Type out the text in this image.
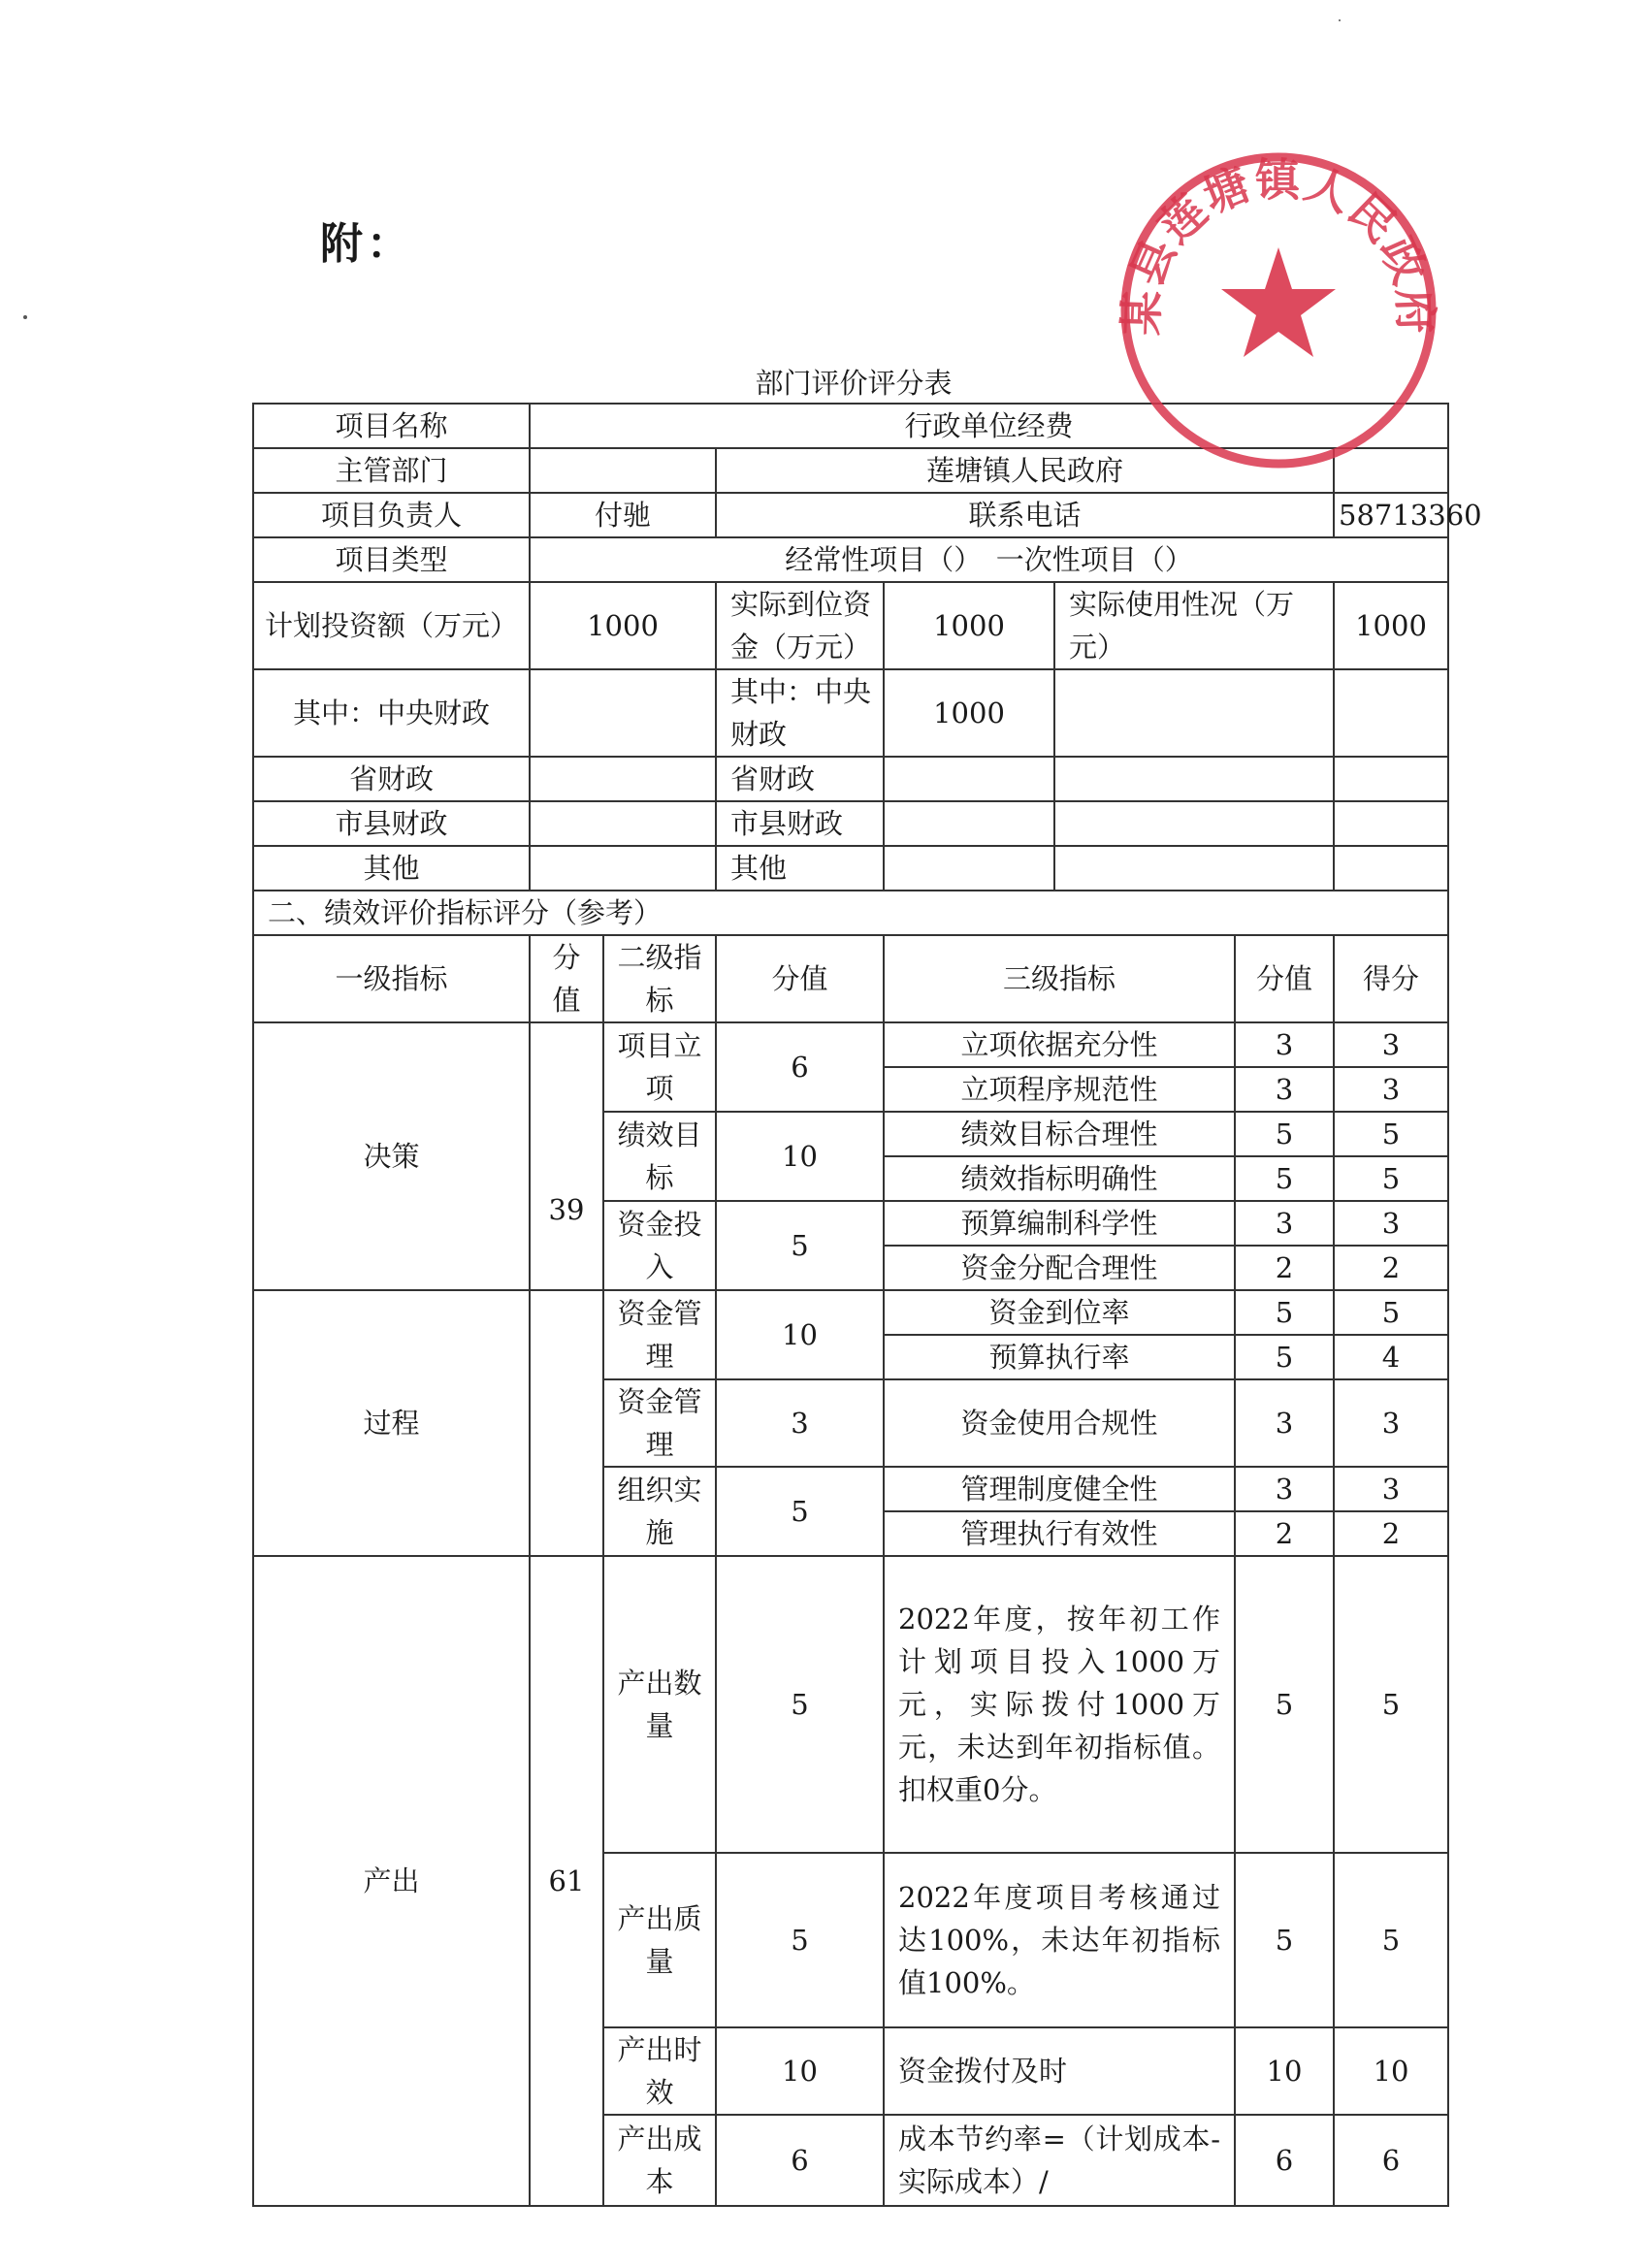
附：
部门评价评分表
项目名称	行政单位经费						
主管部门			莲塘镇人民政府				
项目负责人	付驰		联系电话				58713360
项目类型	经常性项目（）　一次性项目（）						
计划投资额（万元）	1000		实际到位资金（万元）	1000	实际使用性况（万元）		1000
其中：中央财政			其中：中央财政	1000			
省财政			省财政				
市县财政			市县财政				
其他			其他				
二、绩效评价指标评分（参考）							
一级指标	分值	二级指标	分值	三级指标		分值	得分
决策	39	项目立项	6	立项依据充分性		3	3
				立项程序规范性		3	3
		绩效目标	10	绩效目标合理性		5	5
				绩效指标明确性		5	5
		资金投入	5	预算编制科学性		3	3
				资金分配合理性		2	2
过程		资金管理	10	资金到位率		5	5
				预算执行率		5	4
		资金管理	3	资金使用合规性		3	3
		组织实施	5	管理制度健全性		3	3
				管理执行有效性		2	2
产出	61	产出数量	5	2022年度，按年初工作计划项目投入1000万元，实际拨付1000万元，未达到年初指标值。扣权重0分。		5	5
		产出质量	5	2022年度项目考核通过达100%，未达年初指标值100%。		5	5
		产出时效	10	资金拨付及时		10	10
		产出成本	6	成本节约率=（计划成本-实际成本）/		6	6
某县莲塘镇人民政府
